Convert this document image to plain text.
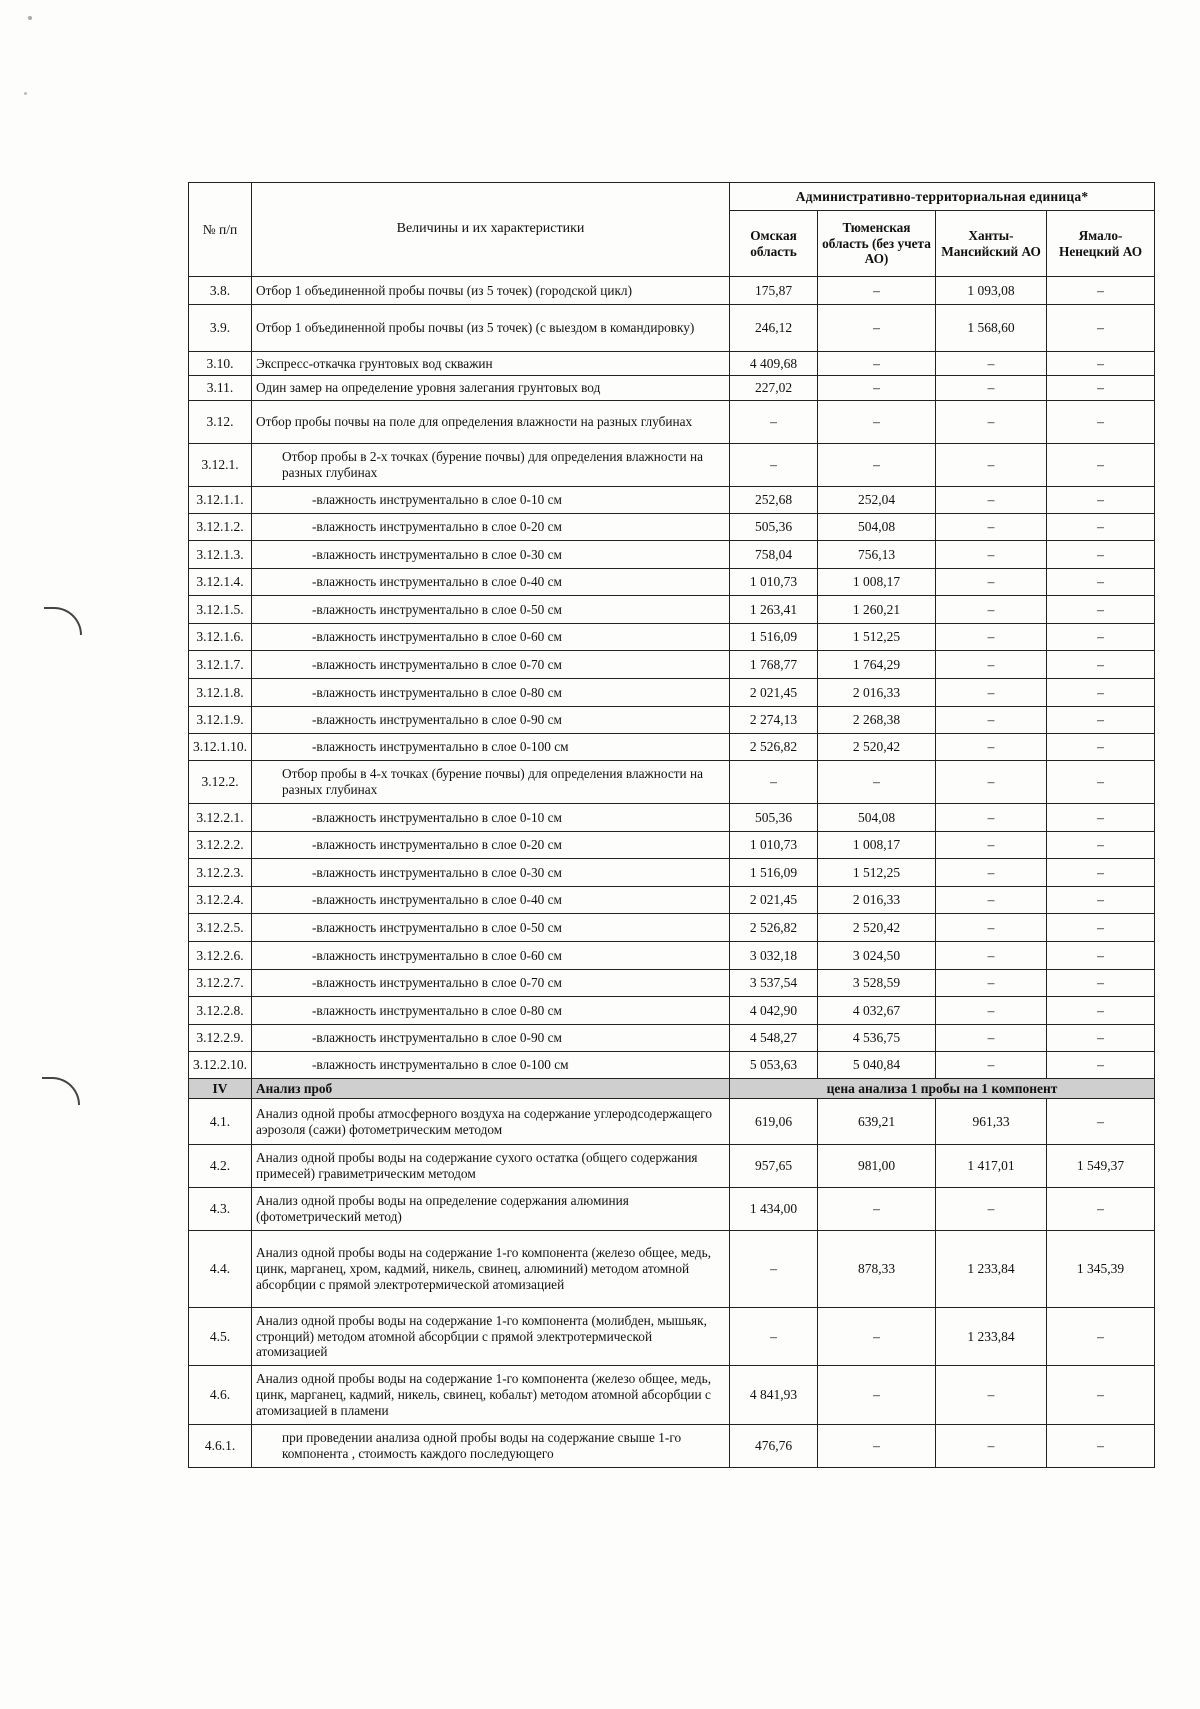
№ п/п	Величины и их характеристики	Административно-территориальная единица*			
		Омская область	Тюменская область (без учета АО)	Ханты-Мансийский АО	Ямало-Ненецкий АО
3.8.	Отбор 1 объединенной пробы почвы (из 5 точек) (городской цикл)	175,87	–	1 093,08	–
3.9.	Отбор 1 объединенной пробы почвы (из 5 точек) (с выездом в командировку)	246,12	–	1 568,60	–
3.10.	Экспресс-откачка грунтовых вод скважин	4 409,68	–	–	–
3.11.	Один замер на определение уровня залегания грунтовых вод	227,02	–	–	–
3.12.	Отбор пробы почвы на поле для определения влажности на разных глубинах	–	–	–	–
3.12.1.	Отбор пробы в 2-х точках (бурение почвы) для определения влажности на разных глубинах	–	–	–	–
3.12.1.1.	-влажность инструментально в слое 0-10 см	252,68	252,04	–	–
3.12.1.2.	-влажность инструментально в слое 0-20 см	505,36	504,08	–	–
3.12.1.3.	-влажность инструментально в слое 0-30 см	758,04	756,13	–	–
3.12.1.4.	-влажность инструментально в слое 0-40 см	1 010,73	1 008,17	–	–
3.12.1.5.	-влажность инструментально в слое 0-50 см	1 263,41	1 260,21	–	–
3.12.1.6.	-влажность инструментально в слое 0-60 см	1 516,09	1 512,25	–	–
3.12.1.7.	-влажность инструментально в слое 0-70 см	1 768,77	1 764,29	–	–
3.12.1.8.	-влажность инструментально в слое 0-80 см	2 021,45	2 016,33	–	–
3.12.1.9.	-влажность инструментально в слое 0-90 см	2 274,13	2 268,38	–	–
3.12.1.10.	-влажность инструментально в слое 0-100 см	2 526,82	2 520,42	–	–
3.12.2.	Отбор пробы в 4-х точках (бурение почвы) для определения влажности на разных глубинах	–	–	–	–
3.12.2.1.	-влажность инструментально в слое 0-10 см	505,36	504,08	–	–
3.12.2.2.	-влажность инструментально в слое 0-20 см	1 010,73	1 008,17	–	–
3.12.2.3.	-влажность инструментально в слое 0-30 см	1 516,09	1 512,25	–	–
3.12.2.4.	-влажность инструментально в слое 0-40 см	2 021,45	2 016,33	–	–
3.12.2.5.	-влажность инструментально в слое 0-50 см	2 526,82	2 520,42	–	–
3.12.2.6.	-влажность инструментально в слое 0-60 см	3 032,18	3 024,50	–	–
3.12.2.7.	-влажность инструментально в слое 0-70 см	3 537,54	3 528,59	–	–
3.12.2.8.	-влажность инструментально в слое 0-80 см	4 042,90	4 032,67	–	–
3.12.2.9.	-влажность инструментально в слое 0-90 см	4 548,27	4 536,75	–	–
3.12.2.10.	-влажность инструментально в слое 0-100 см	5 053,63	5 040,84	–	–
IV	Анализ проб	цена анализа 1 пробы на 1 компонент			
4.1.	Анализ одной пробы атмосферного воздуха на содержание углеродсодержащего аэрозоля (сажи) фотометрическим методом	619,06	639,21	961,33	–
4.2.	Анализ одной пробы воды на содержание сухого остатка (общего содержания примесей) гравиметрическим методом	957,65	981,00	1 417,01	1 549,37
4.3.	Анализ одной пробы воды на определение содержания алюминия (фотометрический метод)	1 434,00	–	–	–
4.4.	Анализ одной пробы воды на содержание 1-го компонента (железо общее, медь, цинк, марганец, хром, кадмий, никель, свинец, алюминий) методом атомной абсорбции с прямой электротермической атомизацией	–	878,33	1 233,84	1 345,39
4.5.	Анализ одной пробы воды на содержание 1-го компонента (молибден, мышьяк, стронций) методом атомной абсорбции с прямой электротермической атомизацией	–	–	1 233,84	–
4.6.	Анализ одной пробы воды на содержание 1-го компонента (железо общее, медь, цинк, марганец, кадмий, никель, свинец, кобальт) методом атомной абсорбции с атомизацией в пламени	4 841,93	–	–	–
4.6.1.	при проведении анализа одной пробы воды на содержание свыше 1-го компонента , стоимость каждого последующего	476,76	–	–	–
